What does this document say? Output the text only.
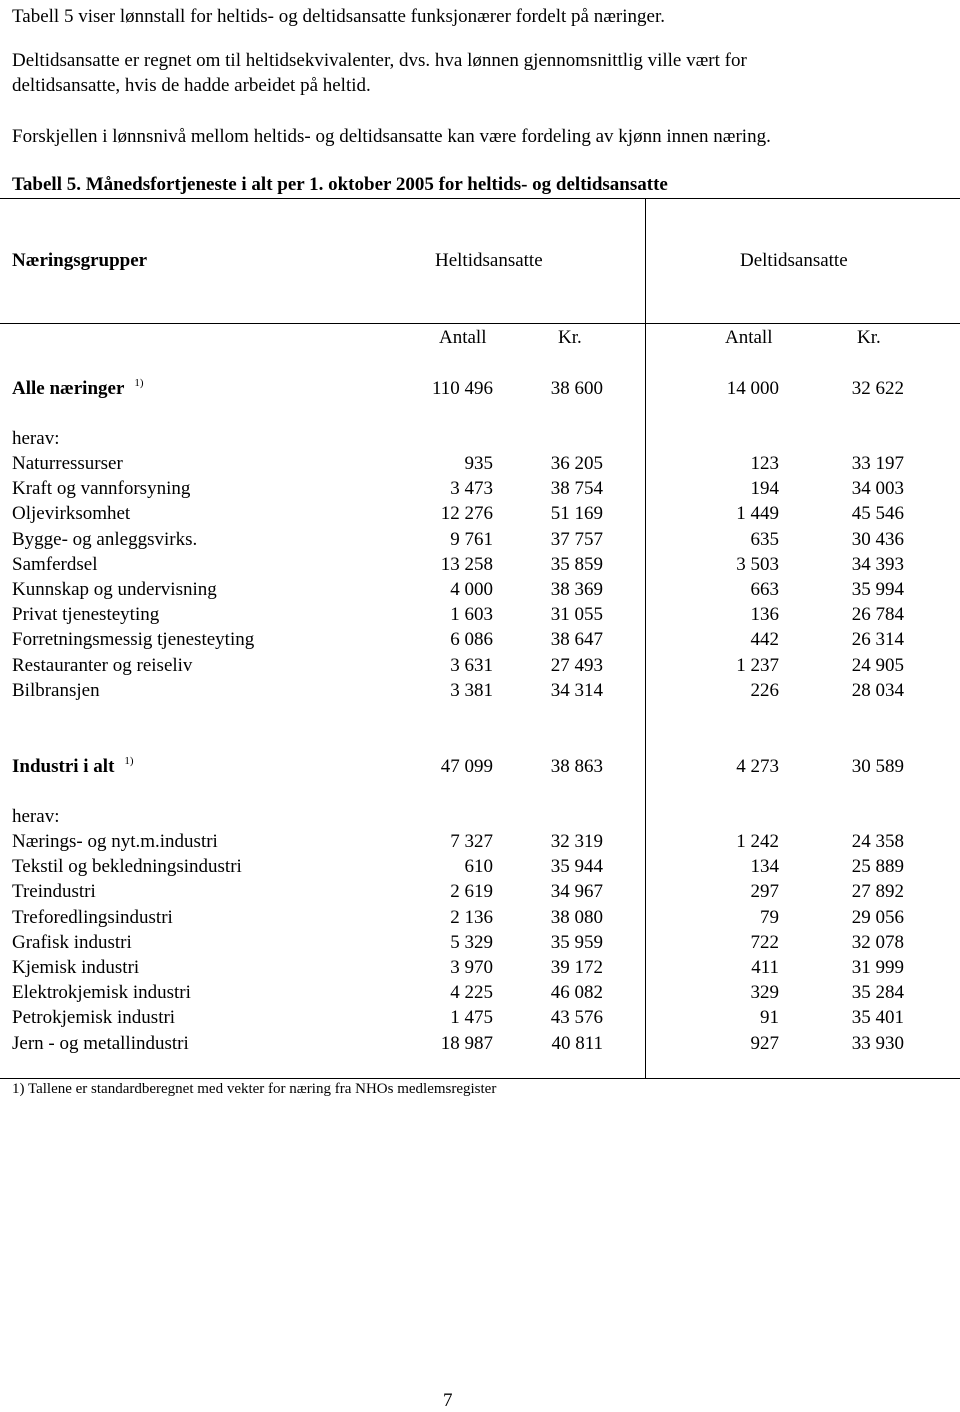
Tabell 5 viser lønnstall for heltids- og deltidsansatte funksjonærer fordelt på næringer.
Deltidsansatte er regnet om til heltidsekvivalenter, dvs. hva lønnen gjennomsnittlig ville vært for
deltidsansatte, hvis de hadde arbeidet på heltid.
Forskjellen i lønnsnivå mellom heltids- og deltidsansatte kan være fordeling av kjønn innen næring.
Tabell 5. Månedsfortjeneste i alt per 1. oktober 2005 for heltids- og deltidsansatte
Næringsgrupper	Heltidsansatte	Deltidsansatte
Antall	Kr.	Antall	Kr.
Alle næringer $^{1)}$	110 496	38 600	14 000	32 622
herav:
Naturressurser	935	36 205	123	33 197
Kraft og vannforsyning	3 473	38 754	194	34 003
Oljevirksomhet	12 276	51 169	1 449	45 546
Bygge- og anleggsvirks.	9 761	37 757	635	30 436
Samferdsel	13 258	35 859	3 503	34 393
Kunnskap og undervisning	4 000	38 369	663	35 994
Privat tjenesteyting	1 603	31 055	136	26 784
Forretningsmessig tjenesteyting	6 086	38 647	442	26 314
Restauranter og reiseliv	3 631	27 493	1 237	24 905
Bilbransjen	3 381	34 314	226	28 034
Industri i alt $^{1)}$	47 099	38 863	4 273	30 589
herav:
Nærings- og nyt.m.industri	7 327	32 319	1 242	24 358
Tekstil og bekledningsindustri	610	35 944	134	25 889
Treindustri	2 619	34 967	297	27 892
Treforedlingsindustri	2 136	38 080	79	29 056
Grafisk industri	5 329	35 959	722	32 078
Kjemisk industri	3 970	39 172	411	31 999
Elektrokjemisk industri	4 225	46 082	329	35 284
Petrokjemisk industri	1 475	43 576	91	35 401
Jern - og metallindustri	18 987	40 811	927	33 930
1) Tallene er standardberegnet med vekter for næring fra NHOs medlemsregister
7
